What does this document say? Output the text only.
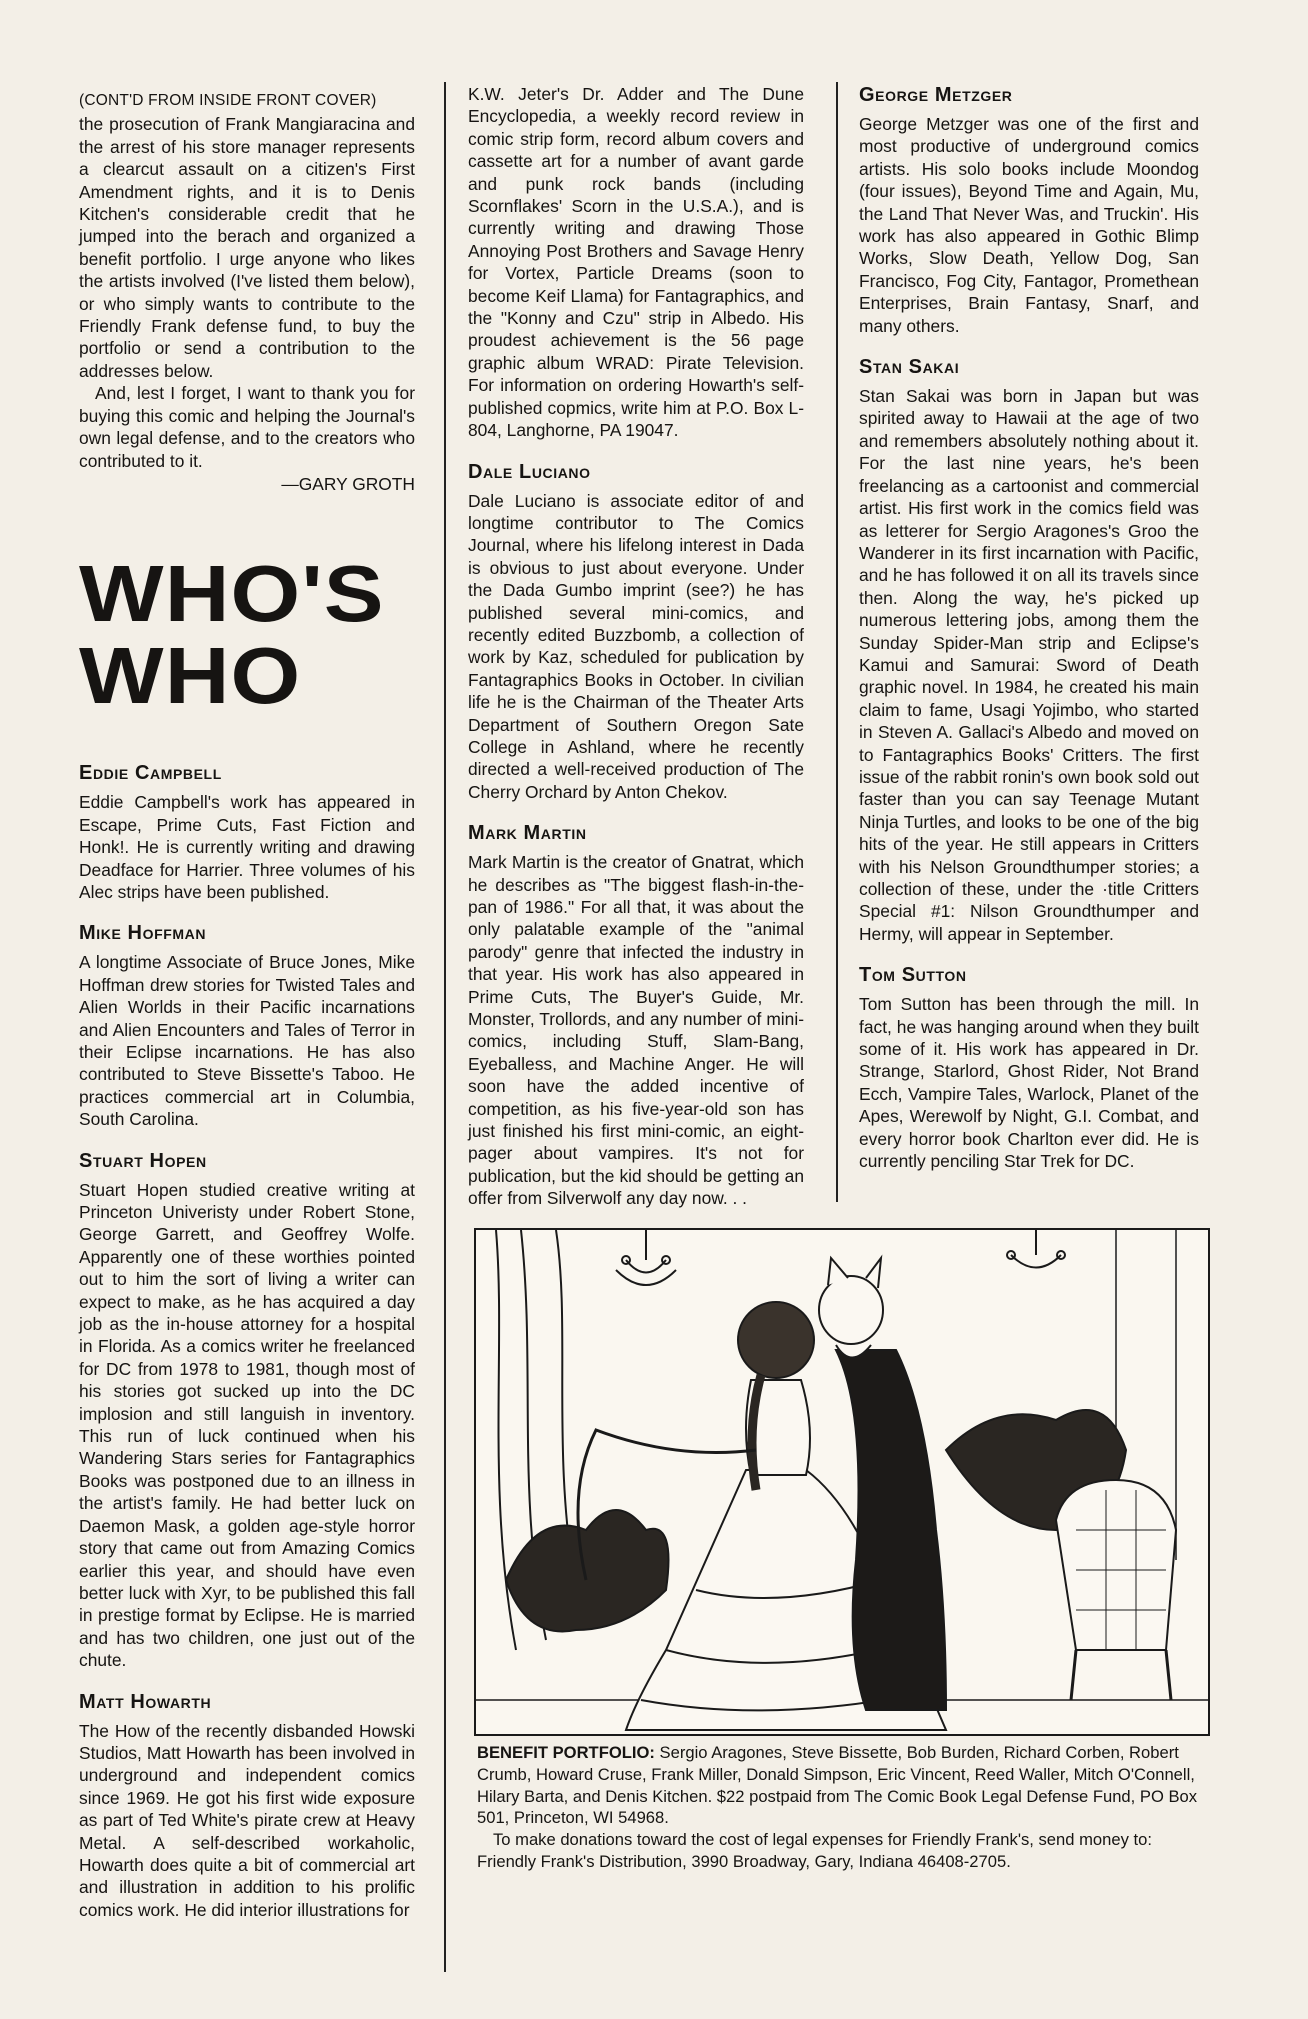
(CONT'D FROM INSIDE FRONT COVER)

the prosecution of Frank Mangiaracina and the arrest of his store manager represents a clearcut assault on a citizen's First Amendment rights, and it is to Denis Kitchen's considerable credit that he jumped into the berach and organized a benefit portfolio. I urge anyone who likes the artists involved (I've listed them below), or who simply wants to contribute to the Friendly Frank defense fund, to buy the portfolio or send a contribution to the addresses below.

And, lest I forget, I want to thank you for buying this comic and helping the Journal's own legal defense, and to the creators who contributed to it.

—GARY GROTH

WHO'S
WHO
Eddie Campbell

Eddie Campbell's work has appeared in Escape, Prime Cuts, Fast Fiction and Honk!. He is currently writing and drawing Deadface for Harrier. Three volumes of his Alec strips have been published.

Mike Hoffman

A longtime Associate of Bruce Jones, Mike Hoffman drew stories for Twisted Tales and Alien Worlds in their Pacific incarnations and Alien Encounters and Tales of Terror in their Eclipse incarnations. He has also contributed to Steve Bissette's Taboo. He practices commercial art in Columbia, South Carolina.

Stuart Hopen

Stuart Hopen studied creative writing at Princeton Univeristy under Robert Stone, George Garrett, and Geoffrey Wolfe. Apparently one of these worthies pointed out to him the sort of living a writer can expect to make, as he has acquired a day job as the in-house attorney for a hospital in Florida. As a comics writer he freelanced for DC from 1978 to 1981, though most of his stories got sucked up into the DC implosion and still languish in inventory. This run of luck continued when his Wandering Stars series for Fantagraphics Books was postponed due to an illness in the artist's family. He had better luck on Daemon Mask, a golden age-style horror story that came out from Amazing Comics earlier this year, and should have even better luck with Xyr, to be published this fall in prestige format by Eclipse. He is married and has two children, one just out of the chute.

Matt Howarth

The How of the recently disbanded Howski Studios, Matt Howarth has been involved in underground and independent comics since 1969. He got his first wide exposure as part of Ted White's pirate crew at Heavy Metal. A self-described workaholic, Howarth does quite a bit of commercial art and illustration in addition to his prolific comics work. He did interior illustrations for

K.W. Jeter's Dr. Adder and The Dune Encyclopedia, a weekly record review in comic strip form, record album covers and cassette art for a number of avant garde and punk rock bands (including Scornflakes' Scorn in the U.S.A.), and is currently writing and drawing Those Annoying Post Brothers and Savage Henry for Vortex, Particle Dreams (soon to become Keif Llama) for Fantagraphics, and the "Konny and Czu" strip in Albedo. His proudest achievement is the 56 page graphic album WRAD: Pirate Television. For information on ordering Howarth's self-published copmics, write him at P.O. Box L-804, Langhorne, PA 19047.

Dale Luciano

Dale Luciano is associate editor of and longtime contributor to The Comics Journal, where his lifelong interest in Dada is obvious to just about everyone. Under the Dada Gumbo imprint (see?) he has published several mini-comics, and recently edited Buzzbomb, a collection of work by Kaz, scheduled for publication by Fantagraphics Books in October. In civilian life he is the Chairman of the Theater Arts Department of Southern Oregon Sate College in Ashland, where he recently directed a well-received production of The Cherry Orchard by Anton Chekov.

Mark Martin

Mark Martin is the creator of Gnatrat, which he describes as "The biggest flash-in-the-pan of 1986." For all that, it was about the only palatable example of the "animal parody" genre that infected the industry in that year. His work has also appeared in Prime Cuts, The Buyer's Guide, Mr. Monster, Trollords, and any number of mini-comics, including Stuff, Slam-Bang, Eyeballess, and Machine Anger. He will soon have the added incentive of competition, as his five-year-old son has just finished his first mini-comic, an eight-pager about vampires. It's not for publication, but the kid should be getting an offer from Silverwolf any day now. . .

George Metzger

George Metzger was one of the first and most productive of underground comics artists. His solo books include Moondog (four issues), Beyond Time and Again, Mu, the Land That Never Was, and Truckin'. His work has also appeared in Gothic Blimp Works, Slow Death, Yellow Dog, San Francisco, Fog City, Fantagor, Promethean Enterprises, Brain Fantasy, Snarf, and many others.

Stan Sakai

Stan Sakai was born in Japan but was spirited away to Hawaii at the age of two and remembers absolutely nothing about it. For the last nine years, he's been freelancing as a cartoonist and commercial artist. His first work in the comics field was as letterer for Sergio Aragones's Groo the Wanderer in its first incarnation with Pacific, and he has followed it on all its travels since then. Along the way, he's picked up numerous lettering jobs, among them the Sunday Spider-Man strip and Eclipse's Kamui and Samurai: Sword of Death graphic novel. In 1984, he created his main claim to fame, Usagi Yojimbo, who started in Steven A. Gallaci's Albedo and moved on to Fantagraphics Books' Critters. The first issue of the rabbit ronin's own book sold out faster than you can say Teenage Mutant Ninja Turtles, and looks to be one of the big hits of the year. He still appears in Critters with his Nelson Groundthumper stories; a collection of these, under the ·title Critters Special #1: Nilson Groundthumper and Hermy, will appear in September.

Tom Sutton

Tom Sutton has been through the mill. In fact, he was hanging around when they built some of it. His work has appeared in Dr. Strange, Starlord, Ghost Rider, Not Brand Ecch, Vampire Tales, Warlock, Planet of the Apes, Werewolf by Night, G.I. Combat, and every horror book Charlton ever did. He is currently penciling Star Trek for DC.

BENEFIT PORTFOLIO: Sergio Aragones, Steve Bissette, Bob Burden, Richard Corben, Robert Crumb, Howard Cruse, Frank Miller, Donald Simpson, Eric Vincent, Reed Waller, Mitch O'Connell, Hilary Barta, and Denis Kitchen. $22 postpaid from The Comic Book Legal Defense Fund, PO Box 501, Princeton, WI 54968.

To make donations toward the cost of legal expenses for Friendly Frank's, send money to: Friendly Frank's Distribution, 3990 Broadway, Gary, Indiana 46408-2705.
